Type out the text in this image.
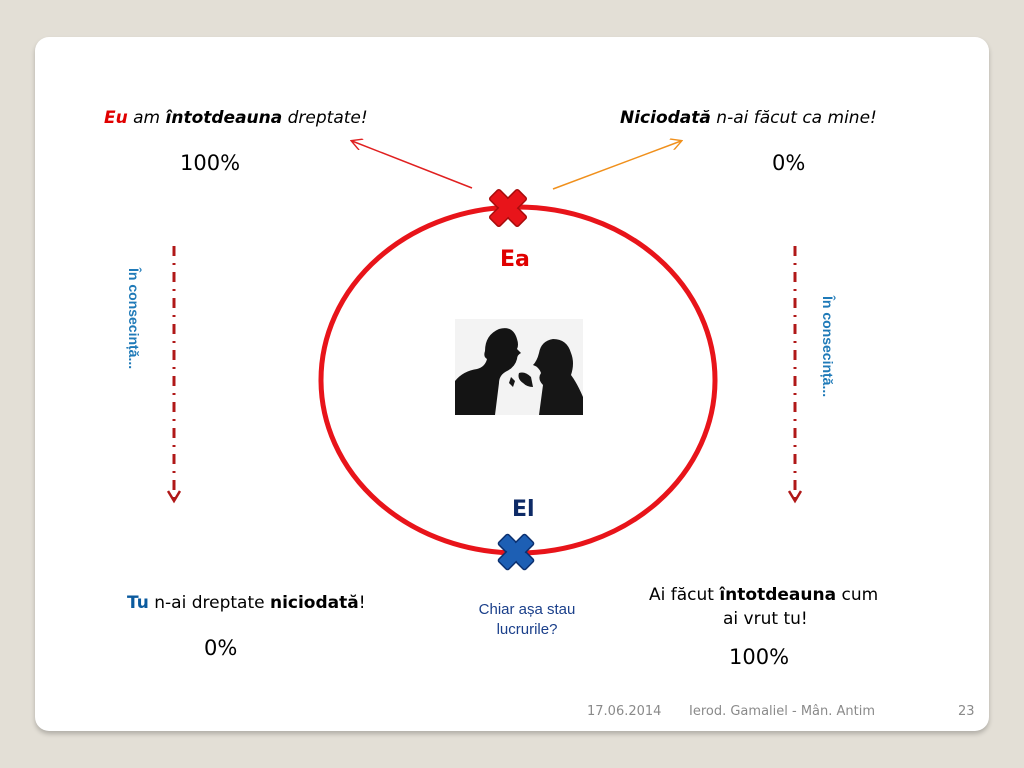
Eu am întotdeauna dreptate!
100%
Niciodată n-ai făcut ca mine!
0%
În consecință...	În consecință...
Ea
El
Tu n-ai dreptate niciodată!
0%
Chiar așa stau lucrurile?
Ai făcut întotdeauna cum
ai vrut tu!
100%
17.06.2014 Ierod. Gamaliel - Mân. Antim	23
